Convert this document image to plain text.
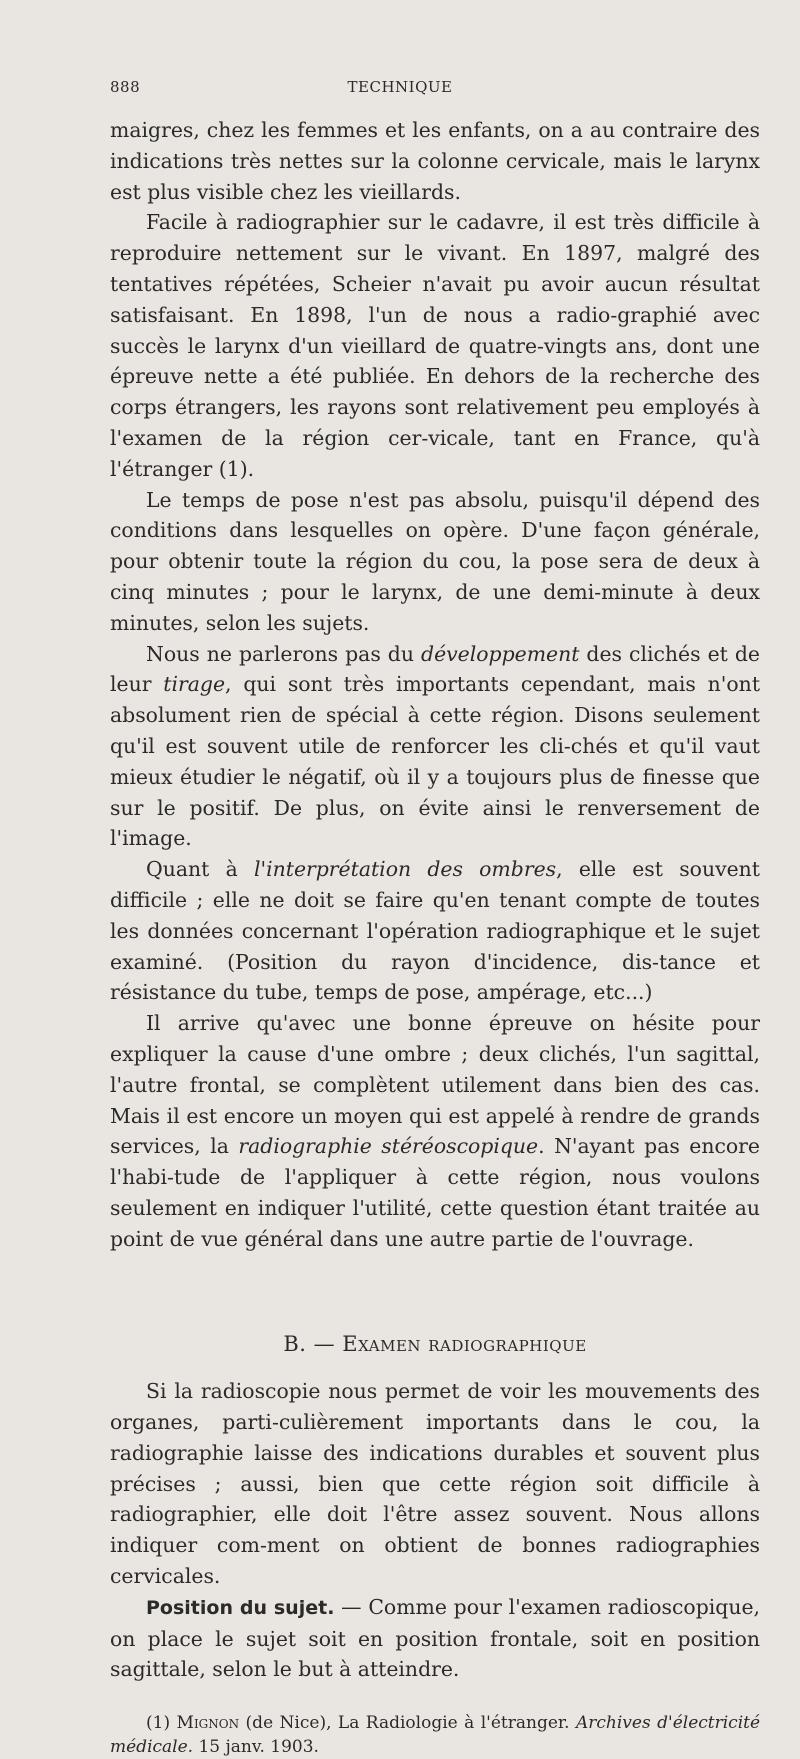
888	TECHNIQUE

maigres, chez les femmes et les enfants, on a au contraire des indications très nettes sur la colonne cervicale, mais le larynx est plus visible chez les vieillards.

Facile à radiographier sur le cadavre, il est très difficile à reproduire nettement sur le vivant. En 1897, malgré des tentatives répétées, Scheier n'avait pu avoir aucun résultat satisfaisant. En 1898, l'un de nous a radio-graphié avec succès le larynx d'un vieillard de quatre-vingts ans, dont une épreuve nette a été publiée. En dehors de la recherche des corps étrangers, les rayons sont relativement peu employés à l'examen de la région cer-vicale, tant en France, qu'à l'étranger (1).

Le temps de pose n'est pas absolu, puisqu'il dépend des conditions dans lesquelles on opère. D'une façon générale, pour obtenir toute la région du cou, la pose sera de deux à cinq minutes ; pour le larynx, de une demi-minute à deux minutes, selon les sujets.

Nous ne parlerons pas du développement des clichés et de leur tirage, qui sont très importants cependant, mais n'ont absolument rien de spécial à cette région. Disons seulement qu'il est souvent utile de renforcer les cli-chés et qu'il vaut mieux étudier le négatif, où il y a toujours plus de finesse que sur le positif. De plus, on évite ainsi le renversement de l'image.

Quant à l'interprétation des ombres, elle est souvent difficile ; elle ne doit se faire qu'en tenant compte de toutes les données concernant l'opération radiographique et le sujet examiné. (Position du rayon d'incidence, dis-tance et résistance du tube, temps de pose, ampérage, etc...)

Il arrive qu'avec une bonne épreuve on hésite pour expliquer la cause d'une ombre ; deux clichés, l'un sagittal, l'autre frontal, se complètent utilement dans bien des cas. Mais il est encore un moyen qui est appelé à rendre de grands services, la radiographie stéréoscopique. N'ayant pas encore l'habi-tude de l'appliquer à cette région, nous voulons seulement en indiquer l'utilité, cette question étant traitée au point de vue général dans une autre partie de l'ouvrage.

B. — Examen radiographique

Si la radioscopie nous permet de voir les mouvements des organes, parti-culièrement importants dans le cou, la radiographie laisse des indications durables et souvent plus précises ; aussi, bien que cette région soit difficile à radiographier, elle doit l'être assez souvent. Nous allons indiquer com-ment on obtient de bonnes radiographies cervicales.

Position du sujet. — Comme pour l'examen radioscopique, on place le sujet soit en position frontale, soit en position sagittale, selon le but à atteindre.

(1) Mignon (de Nice), La Radiologie à l'étranger. Archives d'électricité médicale. 15 janv. 1903.
